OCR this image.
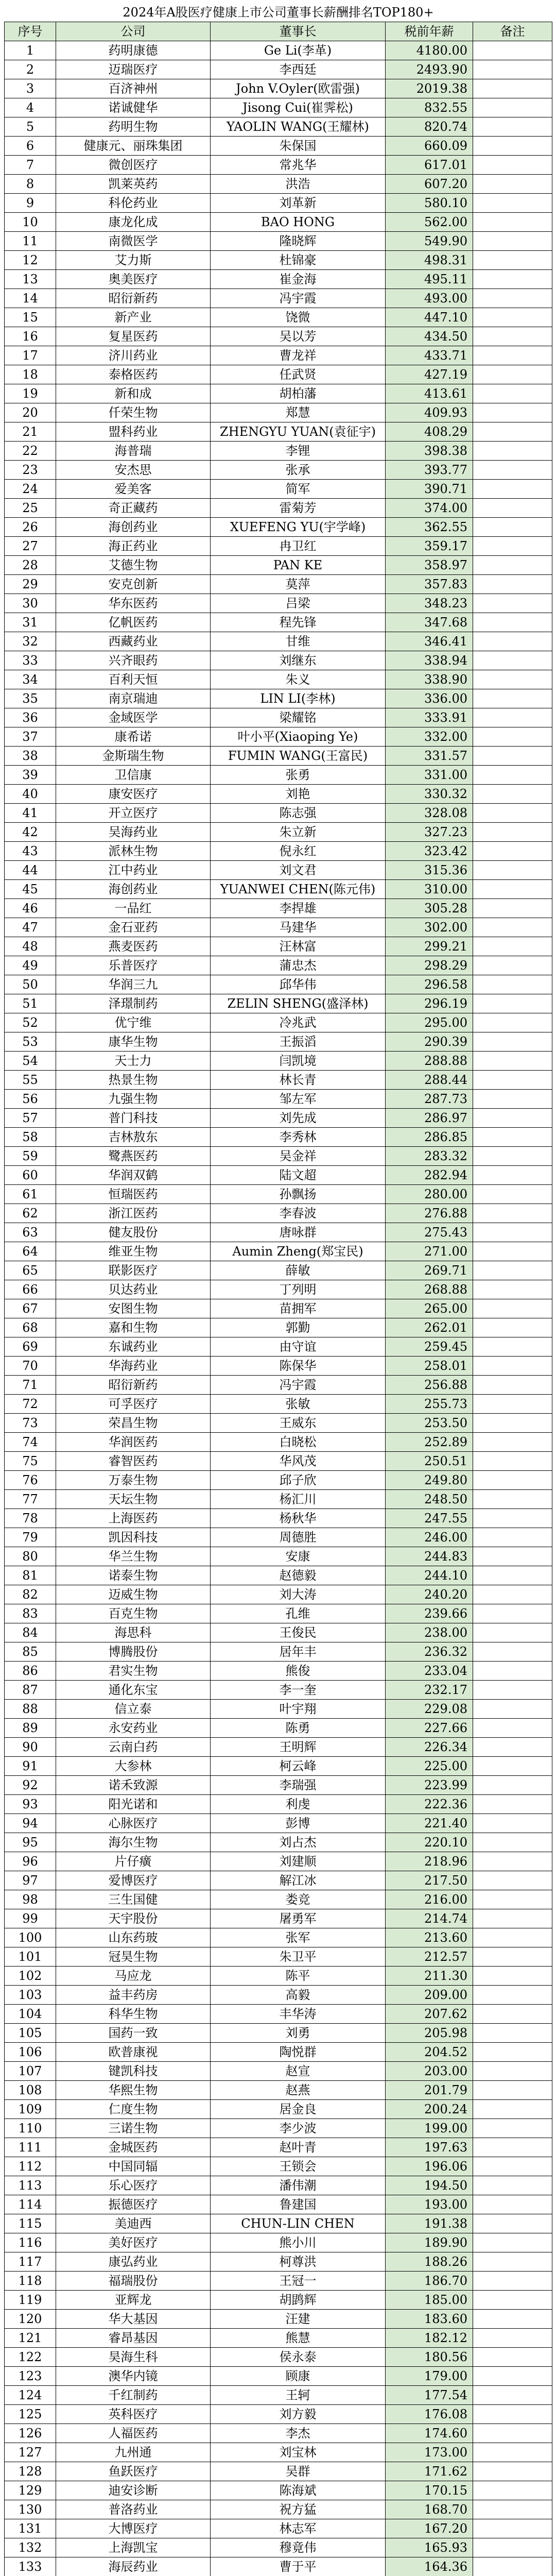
2024年A股医疗健康上市公司董事长薪酬排名TOP180+
序号	公司	董事长	税前年薪	备注
1	药明康德	Ge Li(李革)	4180.00	
2	迈瑞医疗	李西廷	2493.90	
3	百济神州	John V.Oyler(欧雷强)	2019.38	
4	诺诚健华	Jisong Cui(崔霁松)	832.55	
5	药明生物	YAOLIN WANG(王耀林)	820.74	
6	健康元、丽珠集团	朱保国	660.09	
7	微创医疗	常兆华	617.01	
8	凯莱英药	洪浩	607.20	
9	科伦药业	刘革新	580.10	
10	康龙化成	BAO HONG	562.00	
11	南微医学	隆晓辉	549.90	
12	艾力斯	杜锦豪	498.31	
13	奥美医疗	崔金海	495.11	
14	昭衍新药	冯宇霞	493.00	
15	新产业	饶微	447.10	
16	复星医药	吴以芳	434.50	
17	济川药业	曹龙祥	433.71	
18	泰格医药	任武贤	427.19	
19	新和成	胡柏藩	413.61	
20	仟荣生物	郑慧	409.93	
21	盟科药业	ZHENGYU YUAN(袁征宇)	408.29	
22	海普瑞	李锂	398.38	
23	安杰思	张承	393.77	
24	爱美客	简军	390.71	
25	奇正藏药	雷菊芳	374.00	
26	海创药业	XUEFENG YU(宇学峰)	362.55	
27	海正药业	冉卫红	359.17	
28	艾德生物	PAN KE	358.97	
29	安克创新	莫萍	357.83	
30	华东医药	吕梁	348.23	
31	亿帆医药	程先锋	347.68	
32	西藏药业	甘维	346.41	
33	兴齐眼药	刘继东	338.94	
34	百利天恒	朱义	338.90	
35	南京瑞迪	LIN LI(李林)	336.00	
36	金域医学	梁耀铭	333.91	
37	康希诺	叶小平(Xiaoping Ye)	332.00	
38	金斯瑞生物	FUMIN WANG(王富民)	331.57	
39	卫信康	张勇	331.00	
40	康安医疗	刘艳	330.32	
41	开立医疗	陈志强	328.08	
42	吴海药业	朱立新	327.23	
43	派林生物	倪永红	323.42	
44	江中药业	刘文君	315.36	
45	海创药业	YUANWEI CHEN(陈元伟)	310.00	
46	一品红	李捍雄	305.28	
47	金石亚药	马建华	302.00	
48	燕麦医药	汪林富	299.21	
49	乐普医疗	蒲忠杰	298.29	
50	华润三九	邱华伟	296.58	
51	泽璟制药	ZELIN SHENG(盛泽林)	296.19	
52	优宁维	冷兆武	295.00	
53	康华生物	王振滔	290.39	
54	天士力	闫凯境	288.88	
55	热景生物	林长青	288.44	
56	九强生物	邹左军	287.73	
57	普门科技	刘先成	286.97	
58	吉林敖东	李秀林	286.85	
59	鹭燕医药	吴金祥	283.32	
60	华润双鹤	陆文超	282.94	
61	恒瑞医药	孙飘扬	280.00	
62	浙江医药	李春波	276.88	
63	健友股份	唐咏群	275.43	
64	维亚生物	Aumin Zheng(郑宝民)	271.00	
65	联影医疗	薛敏	269.71	
66	贝达药业	丁列明	268.88	
67	安图生物	苗拥军	265.00	
68	嘉和生物	郭勤	262.01	
69	东诚药业	由守谊	259.45	
70	华海药业	陈保华	258.01	
71	昭衍新药	冯宇霞	256.88	
72	可孚医疗	张敏	255.73	
73	荣昌生物	王威东	253.50	
74	华润医药	白晓松	252.89	
75	睿智医药	华风茂	250.51	
76	万泰生物	邱子欣	249.80	
77	天坛生物	杨汇川	248.50	
78	上海医药	杨秋华	247.55	
79	凯因科技	周德胜	246.00	
80	华兰生物	安康	244.83	
81	诺泰生物	赵德毅	244.10	
82	迈威生物	刘大涛	240.20	
83	百克生物	孔维	239.66	
84	海思科	王俊民	238.00	
85	博腾股份	居年丰	236.32	
86	君实生物	熊俊	233.04	
87	通化东宝	李一奎	232.17	
88	信立泰	叶宇翔	229.08	
89	永安药业	陈勇	227.66	
90	云南白药	王明辉	226.34	
91	大参林	柯云峰	225.00	
92	诺禾致源	李瑞强	223.99	
93	阳光诺和	利虔	222.36	
94	心脉医疗	彭博	221.40	
95	海尔生物	刘占杰	220.10	
96	片仔癀	刘建顺	218.96	
97	爱博医疗	解江冰	217.50	
98	三生国健	娄竞	216.00	
99	天宇股份	屠勇军	214.74	
100	山东药玻	张军	213.60	
101	冠昊生物	朱卫平	212.57	
102	马应龙	陈平	211.30	
103	益丰药房	高毅	209.00	
104	科华生物	丰华涛	207.62	
105	国药一致	刘勇	205.98	
106	欧普康视	陶悦群	204.52	
107	键凯科技	赵宣	203.00	
108	华熙生物	赵燕	201.79	
109	仁度生物	居金良	200.24	
110	三诺生物	李少波	199.00	
111	金城医药	赵叶青	197.63	
112	中国同辐	王锁会	196.06	
113	乐心医疗	潘伟潮	194.50	
114	振德医疗	鲁建国	193.00	
115	美迪西	CHUN-LIN CHEN	191.38	
116	美好医疗	熊小川	189.90	
117	康弘药业	柯尊洪	188.26	
118	福瑞股份	王冠一	186.70	
119	亚辉龙	胡鹍辉	185.00	
120	华大基因	汪建	183.60	
121	睿昂基因	熊慧	182.12	
122	昊海生科	侯永泰	180.56	
123	澳华内镜	顾康	179.00	
124	千红制药	王轲	177.54	
125	英科医疗	刘方毅	176.08	
126	人福医药	李杰	174.60	
127	九州通	刘宝林	173.00	
128	鱼跃医疗	吴群	171.62	
129	迪安诊断	陈海斌	170.15	
130	普洛药业	祝方猛	168.70	
131	大博医疗	林志军	167.20	
132	上海凯宝	穆竟伟	165.93	
133	海辰药业	曹于平	164.36	
